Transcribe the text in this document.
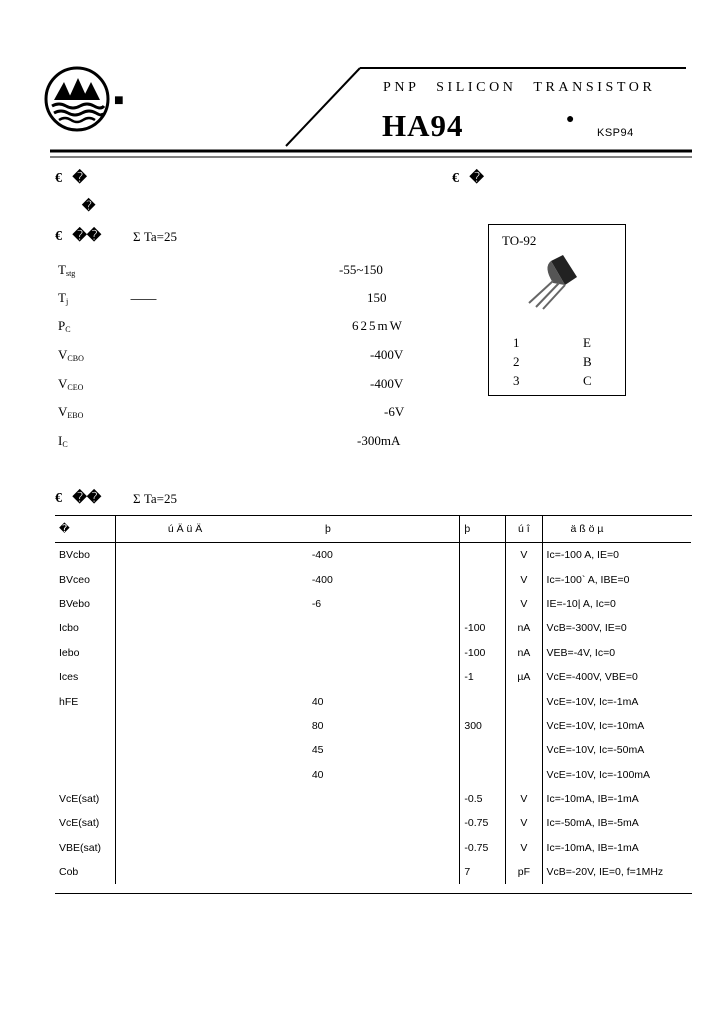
■
PNP SILICON TRANSISTOR
HA94	●
KSP94
€ �
�
€ �
€ �� Σ Ta=25
$T_{stg}$	-55~150
$T_j$	..........................	150
$P_C$	625mW
$V_{CBO}$	-400V
$V_{CEO}$	-400V
$V_{EBO}$	-6V
$I_C$	-300mA
TO-92
1	E
2	B
3	C
€ �� Σ Ta=25
�	ú Ä ü Ä þ	þ	ú î	ä ß ö µ
BVcbo	-400		V	Ic=-100 A, IE=0
BVceo	-400		V	Ic=-100` A, IBE=0
BVebo	-6		V	IE=-10| A, Ic=0
Icbo		-100	nA	VcB=-300V, IE=0
Iebo		-100	nA	VEB=-4V, Ic=0
Ices		-1	µA	VcE=-400V, VBE=0
hFE	40			VcE=-10V, Ic=-1mA
	80	300		VcE=-10V, Ic=-10mA
	45			VcE=-10V, Ic=-50mA
	40			VcE=-10V, Ic=-100mA
VcE(sat)		-0.5	V	Ic=-10mA, IB=-1mA
VcE(sat)		-0.75	V	Ic=-50mA, IB=-5mA
VBE(sat)		-0.75	V	Ic=-10mA, IB=-1mA
Cob		7	pF	VcB=-20V, IE=0, f=1MHz
